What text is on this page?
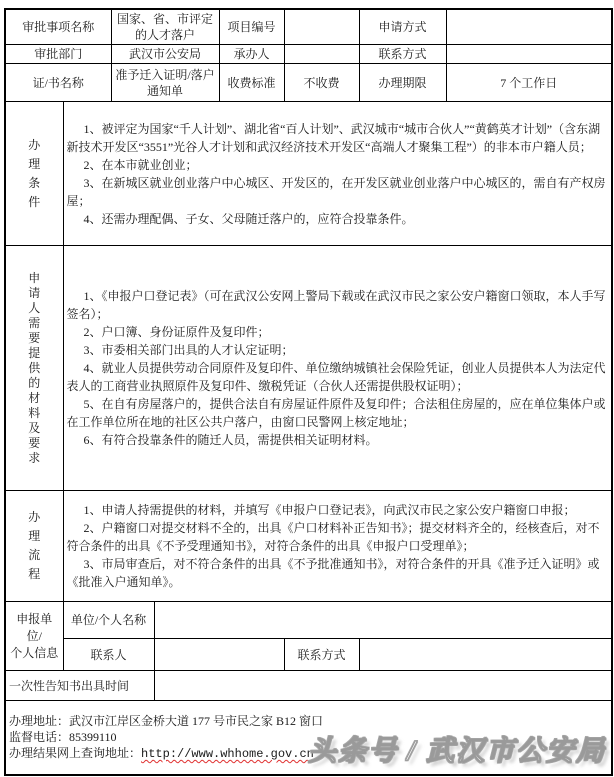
审批事项名称		国家、省、市评定的人才落户		项目编号		申请方式	
审批部门		武汉市公安局		承办人		联系方式	
证/书名称		准予迁入证明/落户通知单		收费标准	不收费	办理期限	7 个工作日

办理条件	1、被评定为国家“千人计划”、湖北省“百人计划”、武汉城市“城市合伙人”“黄鹤英才计划”（含东湖新技术开发区“3551”光谷人才计划和武汉经济技术开发区“高端人才聚集工程”）的非本市户籍人员；

2、在本市就业创业；

3、在新城区就业创业落户中心城区、开发区的，在开发区就业创业落户中心城区的，需自有产权房屋；

4、还需办理配偶、子女、父母随迁落户的，应符合投靠条件。						

申请人需要提供的材料及要求

1、《申报户口登记表》（可在武汉公安网上警局下载或在武汉市民之家公安户籍窗口领取，本人手写签名）；

2、户口簿、身份证原件及复印件；

3、市委相关部门出具的人才认定证明；

4、就业人员提供劳动合同原件及复印件、单位缴纳城镇社会保险凭证，创业人员提供本人为法定代表人的工商营业执照原件及复印件、缴税凭证（合伙人还需提供股权证明）；

5、在自有房屋落户的，提供合法自有房屋证件原件及复印件；合法租住房屋的，应在单位集体户或在工作单位所在地的社区公共户落户，由窗口民警网上核定地址；

6、有符合投靠条件的随迁人员，需提供相关证明材料。

办理流程	1、申请人持需提供的材料，并填写《申报户口登记表》，向武汉市民之家公安户籍窗口申报；

2、户籍窗口对提交材料不全的，出具《户口材料补正告知书》；提交材料齐全的，经核查后，对不符合条件的出具《不予受理通知书》，对符合条件的出具《申报户口受理单》；

3、市局审查后，对不符合条件的出具《不予批准通知书》，对符合条件的开具《准予迁入证明》或《批准入户通知单》。						

申报单位/
个人信息	单位/个人名称						
	联系人				联系方式		
一次性告知书出具时间							

办理地址：武汉市江岸区金桥大道 177 号市民之家 B12 窗口

监督电话：85399110

办理结果网上查询地址：http://www.whhome.gov.cn							

头条号 / 武汉市公安局
